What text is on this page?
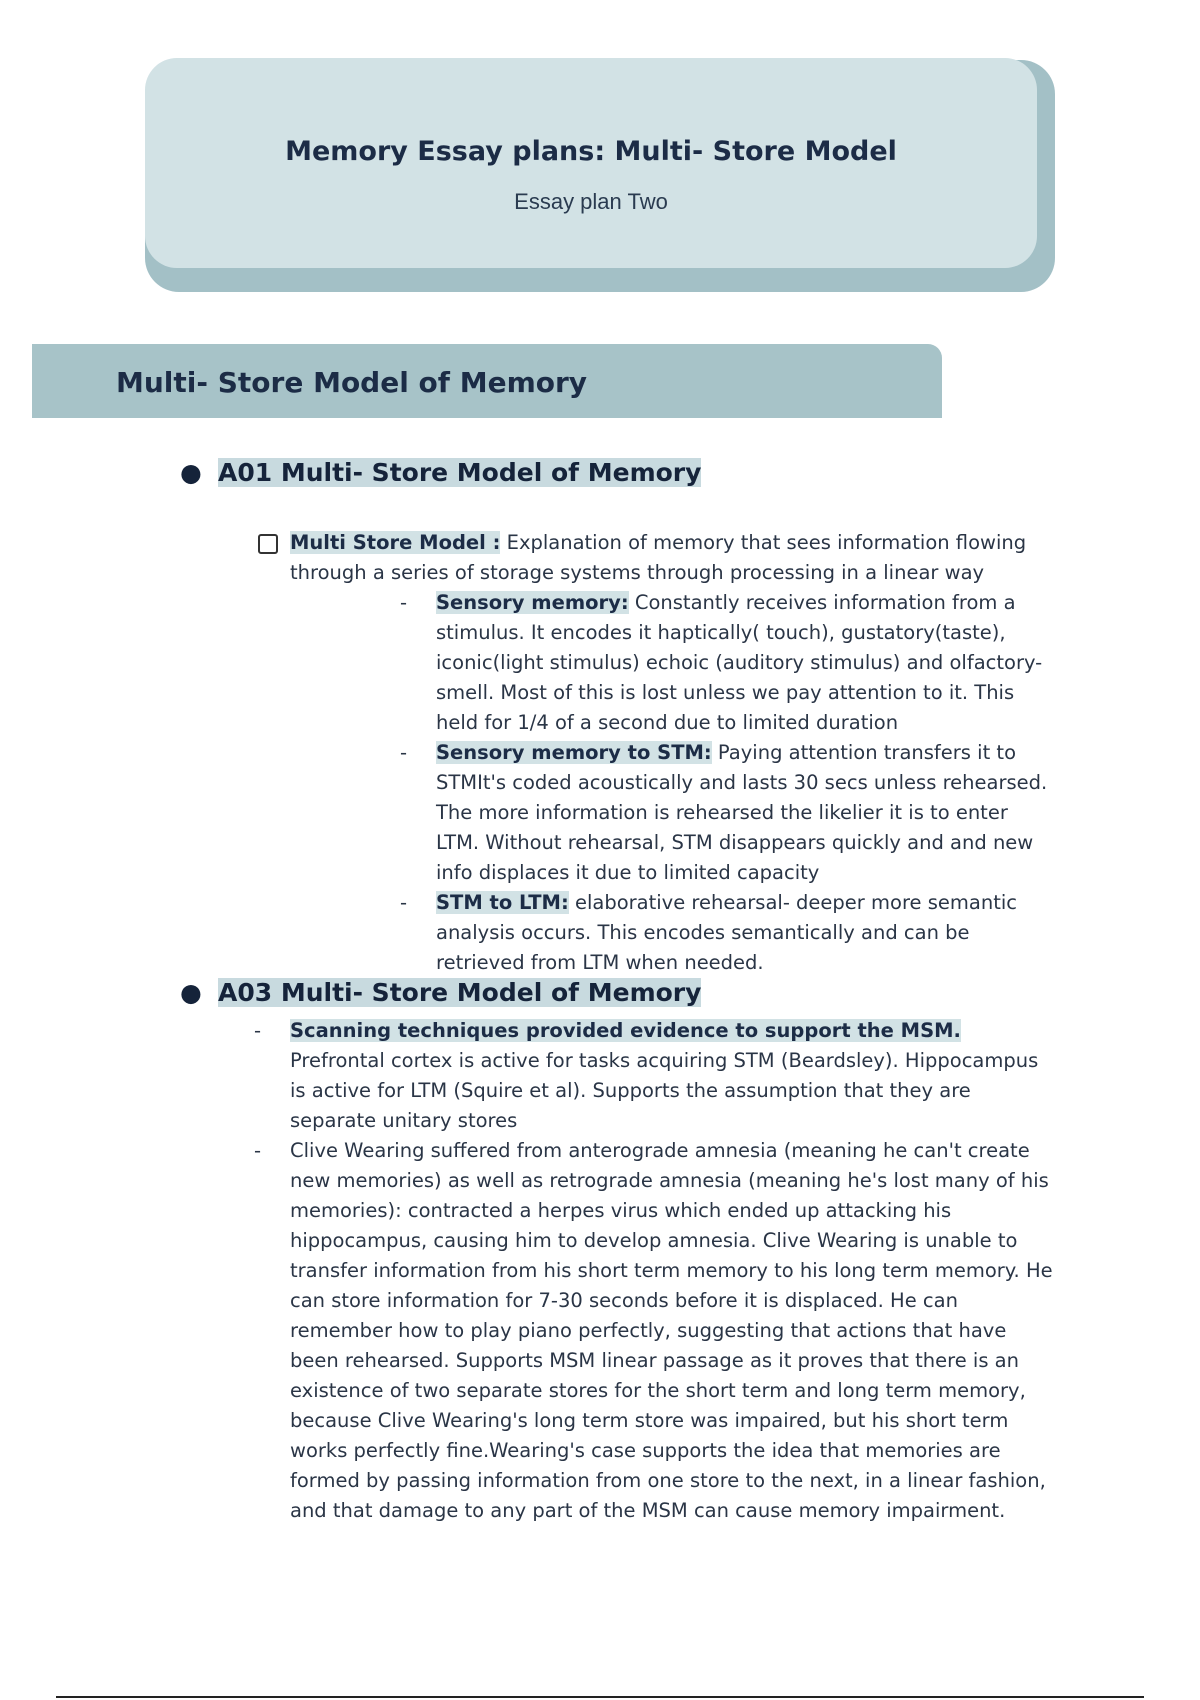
Memory Essay plans: Multi- Store Model

Essay plan Two

Multi- Store Model of Memory
● A01 Multi- Store Model of Memory
Multi Store Model : Explanation of memory that sees information flowing through a series of storage systems through processing in a linear way
- Sensory memory: Constantly receives information from a stimulus. It encodes it haptically( touch), gustatory(taste), iconic(light stimulus) echoic (auditory stimulus) and olfactory- smell. Most of this is lost unless we pay attention to it. This held for 1/4 of a second due to limited duration
- Sensory memory to STM: Paying attention transfers it to STMIt's coded acoustically and lasts 30 secs unless rehearsed. The more information is rehearsed the likelier it is to enter LTM. Without rehearsal, STM disappears quickly and and new info displaces it due to limited capacity
- STM to LTM: elaborative rehearsal- deeper more semantic analysis occurs. This encodes semantically and can be retrieved from LTM when needed.
● A03 Multi- Store Model of Memory
- Scanning techniques provided evidence to support the MSM. Prefrontal cortex is active for tasks acquiring STM (Beardsley). Hippocampus is active for LTM (Squire et al). Supports the assumption that they are separate unitary stores
- Clive Wearing suffered from anterograde amnesia (meaning he can't create new memories) as well as retrograde amnesia (meaning he's lost many of his memories): contracted a herpes virus which ended up attacking his hippocampus, causing him to develop amnesia. Clive Wearing is unable to transfer information from his short term memory to his long term memory. He can store information for 7-30 seconds before it is displaced. He can remember how to play piano perfectly, suggesting that actions that have been rehearsed. Supports MSM linear passage as it proves that there is an existence of two separate stores for the short term and long term memory, because Clive Wearing's long term store was impaired, but his short term works perfectly fine.Wearing's case supports the idea that memories are formed by passing information from one store to the next, in a linear fashion, and that damage to any part of the MSM can cause memory impairment.
